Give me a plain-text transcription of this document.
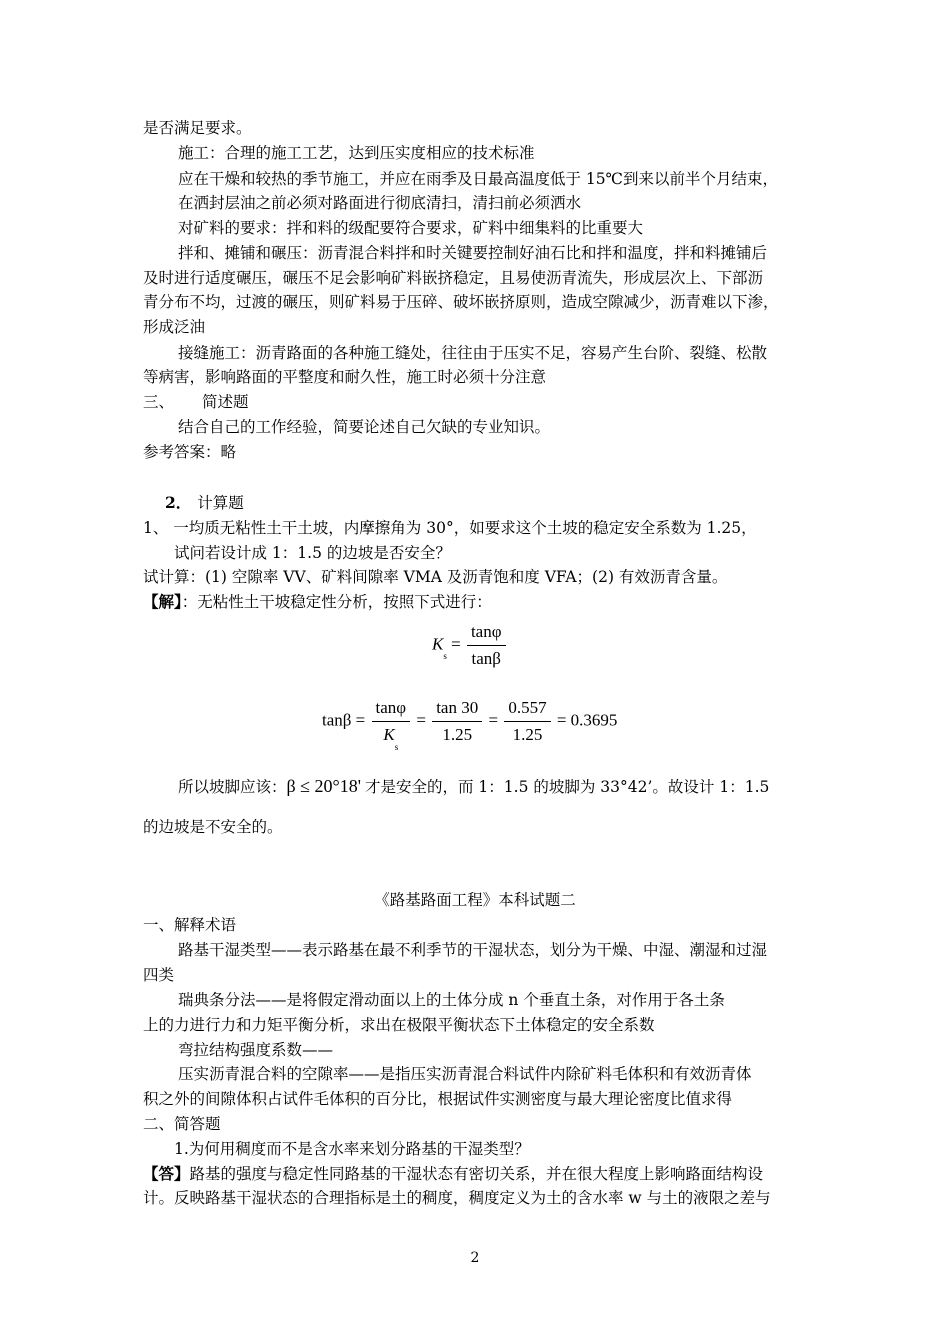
是否满足要求。
施工：合理的施工工艺，达到压实度相应的技术标准
应在干燥和较热的季节施工，并应在雨季及日最高温度低于 15℃到来以前半个月结束，
在洒封层油之前必须对路面进行彻底清扫，清扫前必须洒水
对矿料的要求：拌和料的级配要符合要求，矿料中细集料的比重要大
拌和、摊铺和碾压：沥青混合料拌和时关键要控制好油石比和拌和温度，拌和料摊铺后
及时进行适度碾压，碾压不足会影响矿料嵌挤稳定，且易使沥青流失，形成层次上、下部沥
青分布不均，过渡的碾压，则矿料易于压碎、破坏嵌挤原则，造成空隙减少，沥青难以下渗，
形成泛油
接缝施工：沥青路面的各种施工缝处，往往由于压实不足，容易产生台阶、裂缝、松散
等病害，影响路面的平整度和耐久性，施工时必须十分注意
三、 简述题
结合自己的工作经验，简要论述自己欠缺的专业知识。
参考答案：略
2． 计算题
1、 一均质无粘性土干土坡，内摩擦角为 30°，如要求这个土坡的稳定安全系数为 1.25，
试问若设计成 1：1.5 的边坡是否安全？
试计算：(1) 空隙率 VV、矿料间隙率 VMA 及沥青饱和度 VFA；(2) 有效沥青含量。
【解】：无粘性土干坡稳定性分析，按照下式进行：
$K_s = \frac{\tan\varphi}{\tan\beta}$
$\tan\beta = \frac{\tan\varphi}{K_s} = \frac{\tan 30}{1.25} = \frac{0.557}{1.25} = 0.3695$
所以坡脚应该：β ≤ 20°18' 才是安全的，而 1：1.5 的坡脚为 33°42’。故设计 1：1.5
的边坡是不安全的。
《路基路面工程》本科试题二
一、解释术语
路基干湿类型——表示路基在最不利季节的干湿状态，划分为干燥、中湿、潮湿和过湿
四类
瑞典条分法——是将假定滑动面以上的土体分成 n 个垂直土条，对作用于各土条
上的力进行力和力矩平衡分析，求出在极限平衡状态下土体稳定的安全系数
弯拉结构强度系数——
压实沥青混合料的空隙率——是指压实沥青混合料试件内除矿料毛体积和有效沥青体
积之外的间隙体积占试件毛体积的百分比，根据试件实测密度与最大理论密度比值求得
二、简答题
1.为何用稠度而不是含水率来划分路基的干湿类型？
【答】路基的强度与稳定性同路基的干湿状态有密切关系，并在很大程度上影响路面结构设
计。反映路基干湿状态的合理指标是土的稠度，稠度定义为土的含水率 w 与土的液限之差与
2
